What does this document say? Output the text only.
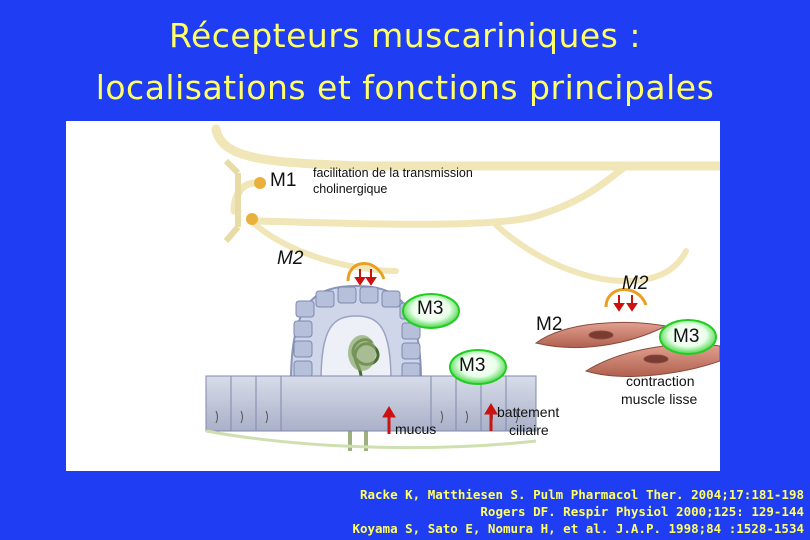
Récepteurs muscariniques :
localisations et fonctions principales
M1 facilitation de la transmission
cholinergique
M2
M2
M2
M3
M3
M3
mucus
battement
ciliaire
contraction
muscle lisse
Racke K, Matthiesen S. Pulm Pharmacol Ther. 2004;17:181-198
Rogers DF. Respir Physiol 2000;125: 129-144
Koyama S, Sato E, Nomura H, et al. J.A.P. 1998;84 :1528-1534
